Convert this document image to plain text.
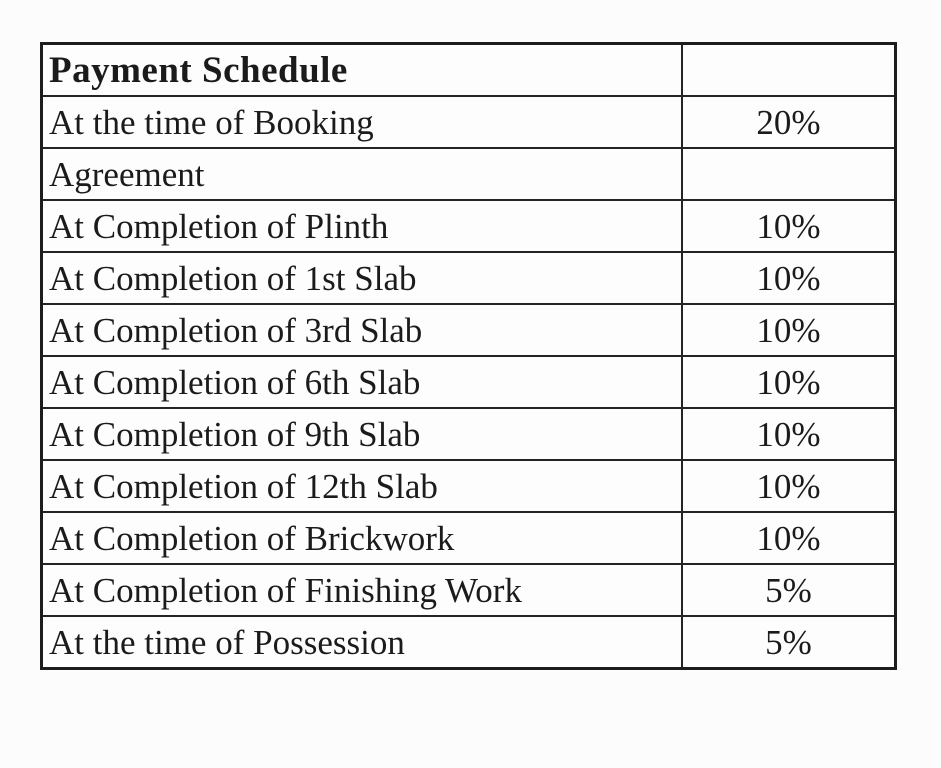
Payment Schedule	
At the time of Booking	20%
Agreement	
At Completion of Plinth	10%
At Completion of 1st Slab	10%
At Completion of 3rd Slab	10%
At Completion of 6th Slab	10%
At Completion of 9th Slab	10%
At Completion of 12th Slab	10%
At Completion of Brickwork	10%
At Completion of Finishing Work	5%
At the time of Possession	5%
